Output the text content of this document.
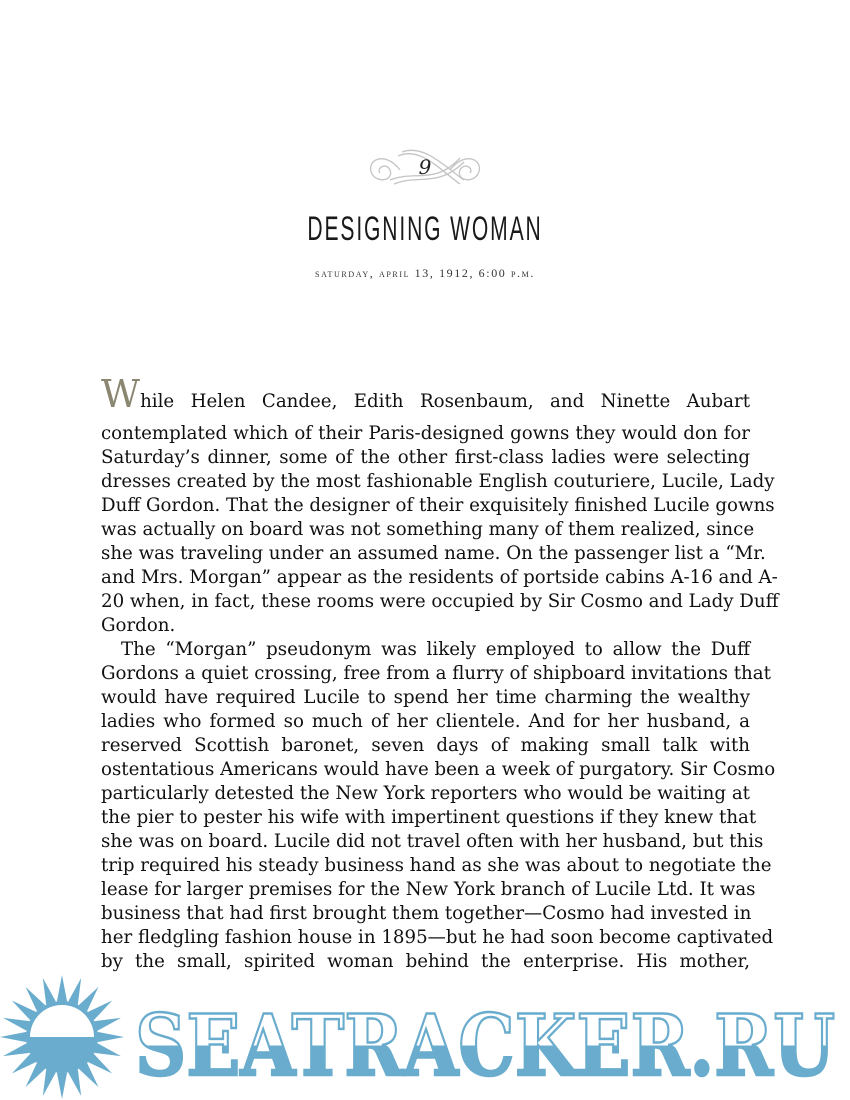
9
DESIGNING WOMAN
saturday, april 13, 1912, 6:00 p.m.
While Helen Candee, Edith Rosenbaum, and Ninette Aubart
contemplated which of their Paris-designed gowns they would don for
Saturday’s dinner, some of the other first-class ladies were selecting
dresses created by the most fashionable English couturiere, Lucile, Lady
Duff Gordon. That the designer of their exquisitely finished Lucile gowns
was actually on board was not something many of them realized, since
she was traveling under an assumed name. On the passenger list a “Mr.
and Mrs. Morgan” appear as the residents of portside cabins A-16 and A-
20 when, in fact, these rooms were occupied by Sir Cosmo and Lady Duff
Gordon.
The “Morgan” pseudonym was likely employed to allow the Duff
Gordons a quiet crossing, free from a flurry of shipboard invitations that
would have required Lucile to spend her time charming the wealthy
ladies who formed so much of her clientele. And for her husband, a
reserved Scottish baronet, seven days of making small talk with
ostentatious Americans would have been a week of purgatory. Sir Cosmo
particularly detested the New York reporters who would be waiting at
the pier to pester his wife with impertinent questions if they knew that
she was on board. Lucile did not travel often with her husband, but this
trip required his steady business hand as she was about to negotiate the
lease for larger premises for the New York branch of Lucile Ltd. It was
business that had first brought them together—Cosmo had invested in
her fledgling fashion house in 1895—but he had soon become captivated
by the small, spirited woman behind the enterprise. His mother,
SEATRACKER.RU
